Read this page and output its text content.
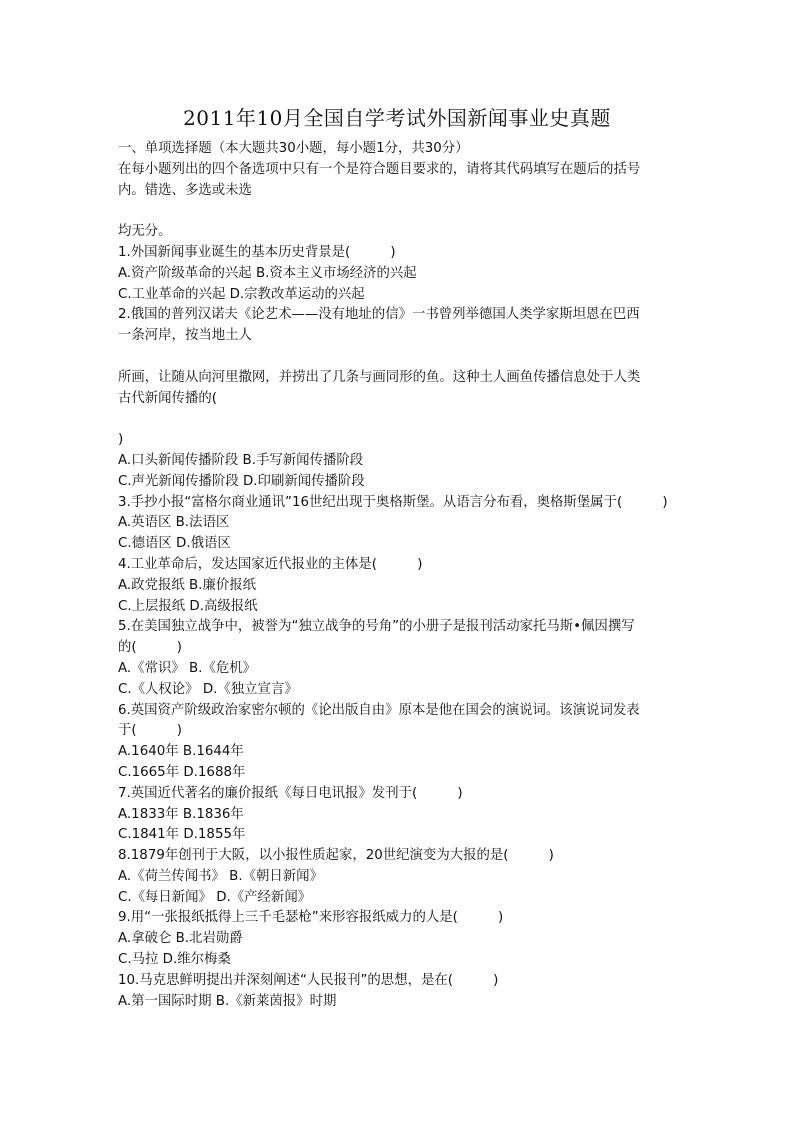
2011年10月全国自学考试外国新闻事业史真题
一、单项选择题（本大题共30小题，每小题1分，共30分）
在每小题列出的四个备选项中只有一个是符合题目要求的，请将其代码填写在题后的括号
内。错选、多选或未选
均无分。
1.外国新闻事业诞生的基本历史背景是(　　　)
A.资产阶级革命的兴起 B.资本主义市场经济的兴起
C.工业革命的兴起 D.宗教改革运动的兴起
2.俄国的普列汉诺夫《论艺术——没有地址的信》一书曾列举德国人类学家斯坦恩在巴西
一条河岸，按当地土人
所画，让随从向河里撒网，并捞出了几条与画同形的鱼。这种土人画鱼传播信息处于人类
古代新闻传播的(
)
A.口头新闻传播阶段 B.手写新闻传播阶段
C.声光新闻传播阶段 D.印刷新闻传播阶段
3.手抄小报“富格尔商业通讯”16世纪出现于奥格斯堡。从语言分布看，奥格斯堡属于(　　　)
A.英语区 B.法语区
C.德语区 D.俄语区
4.工业革命后，发达国家近代报业的主体是(　　　)
A.政党报纸 B.廉价报纸
C.上层报纸 D.高级报纸
5.在美国独立战争中，被誉为“独立战争的号角”的小册子是报刊活动家托马斯•佩因撰写
的(　　　)
A.《常识》 B.《危机》
C.《人权论》 D.《独立宣言》
6.英国资产阶级政治家密尔顿的《论出版自由》原本是他在国会的演说词。该演说词发表
于(　　　)
A.1640年 B.1644年
C.1665年 D.1688年
7.英国近代著名的廉价报纸《每日电讯报》发刊于(　　　)
A.1833年 B.1836年
C.1841年 D.1855年
8.1879年创刊于大阪，以小报性质起家，20世纪演变为大报的是(　　　)
A.《荷兰传闻书》 B.《朝日新闻》
C.《每日新闻》 D.《产经新闻》
9.用“一张报纸抵得上三千毛瑟枪”来形容报纸威力的人是(　　　)
A.拿破仑 B.北岩勋爵
C.马拉 D.维尔梅桑
10.马克思鲜明提出并深刻阐述“人民报刊”的思想，是在(　　　)
A.第一国际时期 B.《新莱茵报》时期
